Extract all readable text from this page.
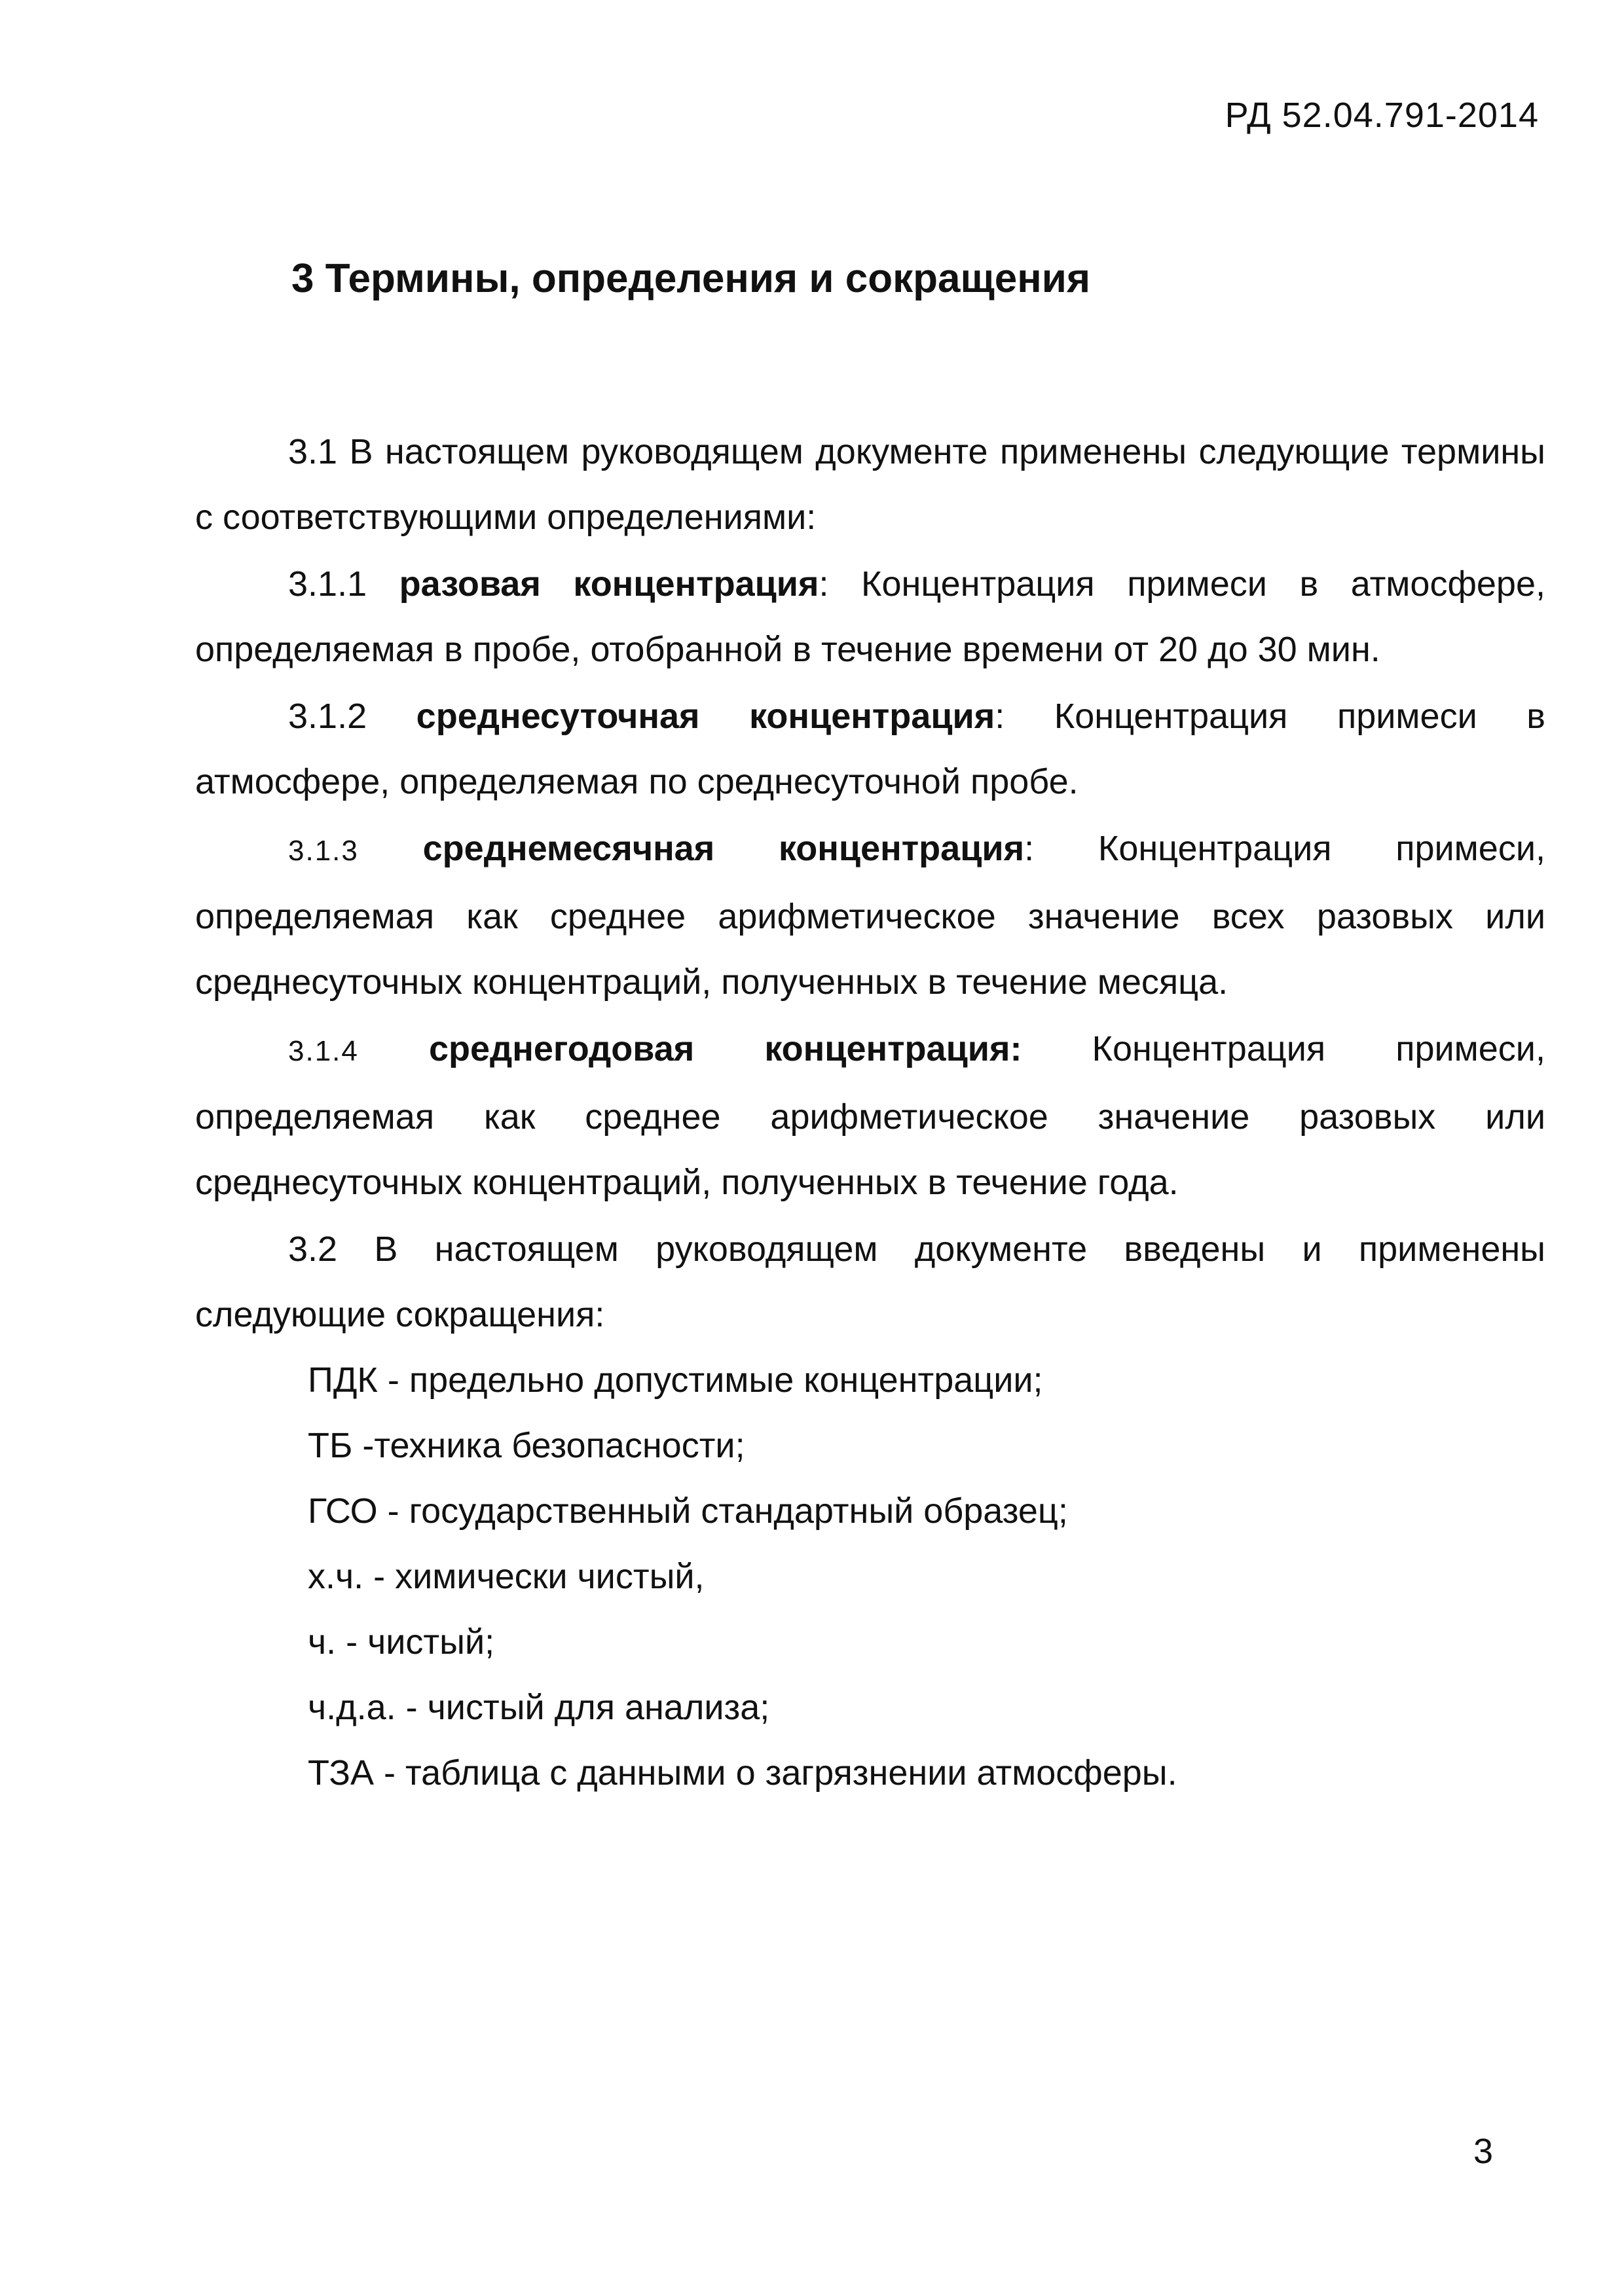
РД 52.04.791-2014
3 Термины, определения и сокращения

3.1 В настоящем руководящем документе применены следующие термины с соответствующими определениями:

3.1.1 разовая концентрация: Концентрация примеси в атмосфере, определяемая в пробе, отобранной в течение времени от 20 до 30 мин.

3.1.2 среднесуточная концентрация: Концентрация примеси в атмосфере, определяемая по среднесуточной пробе.

3.1.3 среднемесячная концентрация: Концентрация примеси, определяемая как среднее арифметическое значение всех разовых или среднесуточных концентраций, полученных в течение месяца.

3.1.4 среднегодовая концентрация: Концентрация примеси, определяемая как среднее арифметическое значение разовых или среднесуточных концентраций, полученных в течение года.

3.2 В настоящем руководящем документе введены и применены следующие сокращения:

ПДК - предельно допустимые концентрации;
ТБ -техника безопасности;
ГСО - государственный стандартный образец;
х.ч. - химически чистый,
ч. - чистый;
ч.д.а. - чистый для анализа;
ТЗА - таблица с данными о загрязнении атмосферы.
3
